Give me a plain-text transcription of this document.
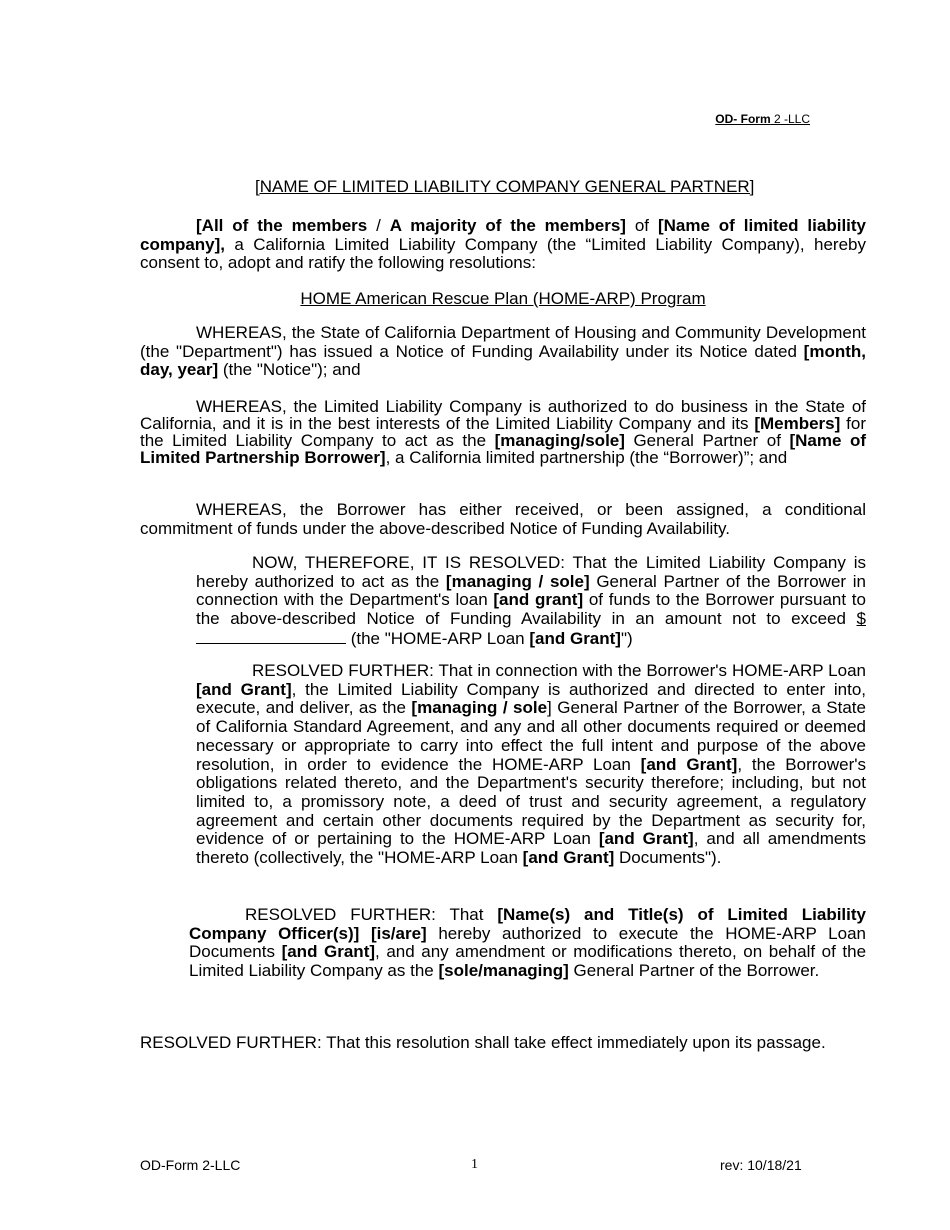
OD- Form 2 -LLC
[NAME OF LIMITED LIABILITY COMPANY GENERAL PARTNER]

[All of the members / A majority of the members] of [Name of limited liability company], a California Limited Liability Company (the “Limited Liability Company), hereby consent to, adopt and ratify the following resolutions:

HOME American Rescue Plan (HOME-ARP) Program

WHEREAS, the State of California Department of Housing and Community Development (the "Department") has issued a Notice of Funding Availability under its Notice dated [month, day, year] (the "Notice"); and

WHEREAS, the Limited Liability Company is authorized to do business in the State of California, and it is in the best interests of the Limited Liability Company and its [Members] for the Limited Liability Company to act as the [managing/sole] General Partner of [Name of Limited Partnership Borrower], a California limited partnership (the “Borrower)”; and

WHEREAS, the Borrower has either received, or been assigned, a conditional commitment of funds under the above-described Notice of Funding Availability.

NOW, THEREFORE, IT IS RESOLVED: That the Limited Liability Company is hereby authorized to act as the [managing / sole] General Partner of the Borrower in connection with the Department's loan [and grant] of funds to the Borrower pursuant to the above-described Notice of Funding Availability in an amount not to exceed $ (the "HOME-ARP Loan [and Grant]")

RESOLVED FURTHER: That in connection with the Borrower's HOME-ARP Loan [and Grant], the Limited Liability Company is authorized and directed to enter into, execute, and deliver, as the [managing / sole] General Partner of the Borrower, a State of California Standard Agreement, and any and all other documents required or deemed necessary or appropriate to carry into effect the full intent and purpose of the above resolution, in order to evidence the HOME-ARP Loan [and Grant], the Borrower's obligations related thereto, and the Department's security therefore; including, but not limited to, a promissory note, a deed of trust and security agreement, a regulatory agreement and certain other documents required by the Department as security for, evidence of or pertaining to the HOME-ARP Loan [and Grant], and all amendments thereto (collectively, the "HOME-ARP Loan [and Grant] Documents").

RESOLVED FURTHER: That [Name(s) and Title(s) of Limited Liability Company Officer(s)] [is/are] hereby authorized to execute the HOME-ARP Loan Documents [and Grant], and any amendment or modifications thereto, on behalf of the Limited Liability Company as the [sole/managing] General Partner of the Borrower.

RESOLVED FURTHER: That this resolution shall take effect immediately upon its passage.

OD-Form 2-LLC	1	rev: 10/18/21
